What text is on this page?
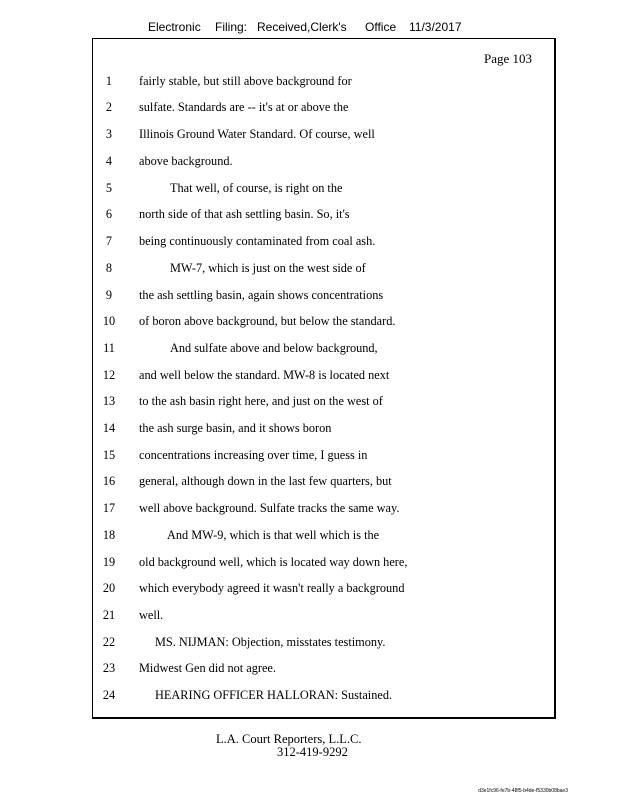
Electronic Filing: Received,Clerk's Office 11/3/2017
Page 103
1	fairly stable, but still above background for
2	sulfate. Standards are -- it's at or above the
3	Illinois Ground Water Standard. Of course, well
4	above background.
5	That well, of course, is right on the
6	north side of that ash settling basin. So, it's
7	being continuously contaminated from coal ash.
8	MW-7, which is just on the west side of
9	the ash settling basin, again shows concentrations
10	of boron above background, but below the standard.
11	And sulfate above and below background,
12	and well below the standard. MW-8 is located next
13	to the ash basin right here, and just on the west of
14	the ash surge basin, and it shows boron
15	concentrations increasing over time, I guess in
16	general, although down in the last few quarters, but
17	well above background. Sulfate tracks the same way.
18	And MW-9, which is that well which is the
19	old background well, which is located way down here,
20	which everybody agreed it wasn't really a background
21	well.
22	MS. NIJMAN: Objection, misstates testimony.
23	Midwest Gen did not agree.
24	HEARING OFFICER HALLORAN: Sustained.
L.A. Court Reporters, L.L.C.
312-419-9292
d3e1fc96-fe7b-48f5-b4de-f5330b08bae3
